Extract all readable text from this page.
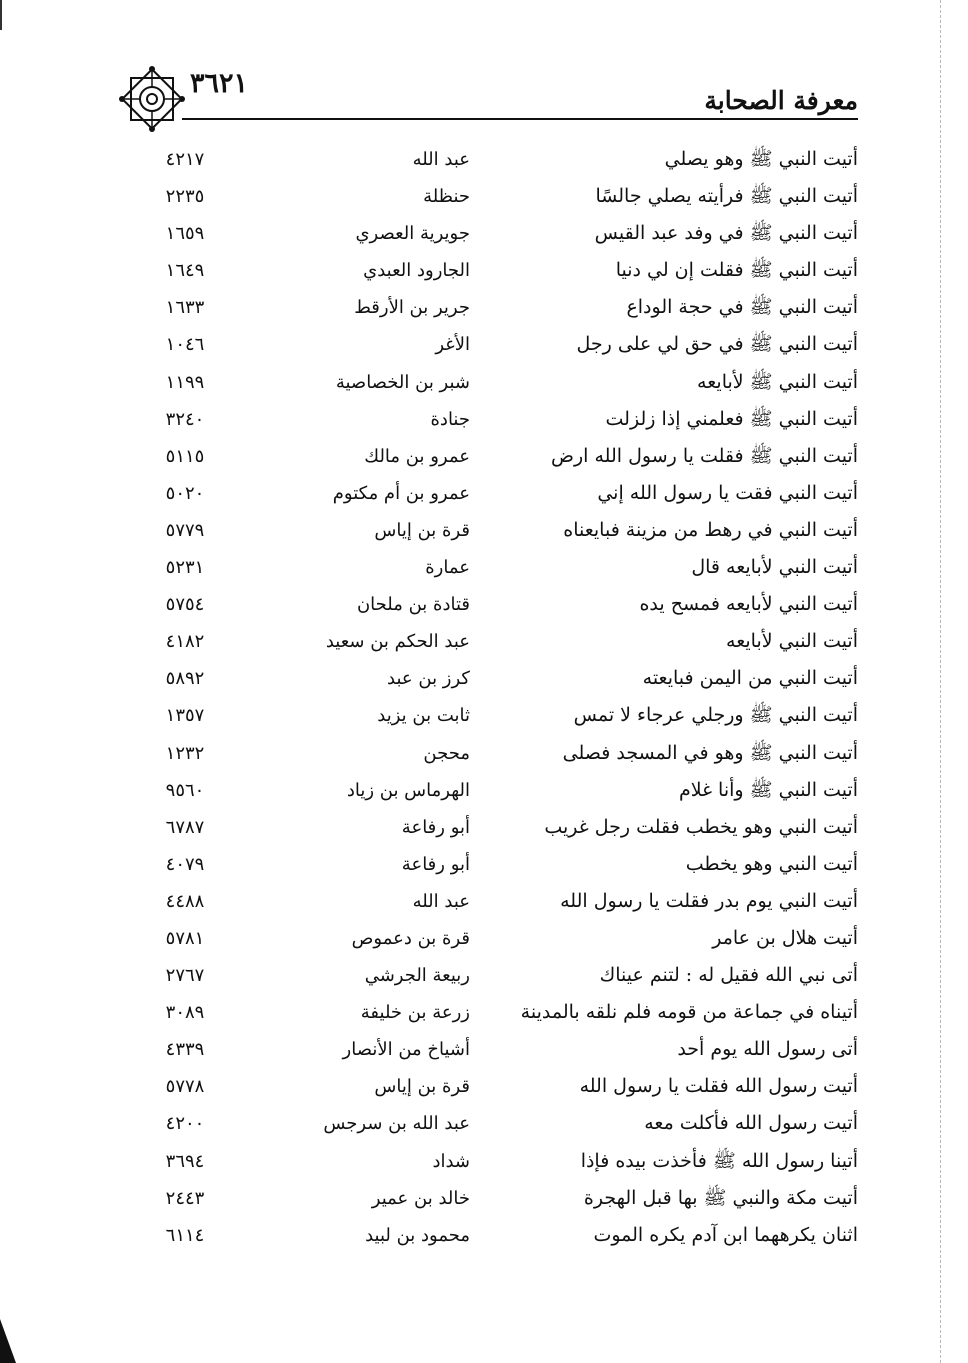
معرفة الصحابة
٣٦٢١
أتيت النبي ﷺ وهو يصلي
عبد الله
٤٢١٧
أتيت النبي ﷺ فرأيته يصلي جالسًا
حنظلة
٢٢٣٥
أتيت النبي ﷺ في وفد عبد القيس
جويرية العصري
١٦٥٩
أتيت النبي ﷺ فقلت إن لي دنيا
الجارود العبدي
١٦٤٩
أتيت النبي ﷺ في حجة الوداع
جرير بن الأرقط
١٦٣٣
أتيت النبي ﷺ في حق لي على رجل
الأغر
١٠٤٦
أتيت النبي ﷺ لأبايعه
شبر بن الخصاصية
١١٩٩
أتيت النبي ﷺ فعلمني إذا زلزلت
جنادة
٣٢٤٠
أتيت النبي ﷺ فقلت يا رسول الله ارض
عمرو بن مالك
٥١١٥
أتيت النبي فقت يا رسول الله إني
عمرو بن أم مكتوم
٥٠٢٠
أتيت النبي في رهط من مزينة فبايعناه
قرة بن إياس
٥٧٧٩
أتيت النبي لأبايعه قال
عمارة
٥٢٣١
أتيت النبي لأبايعه فمسح يده
قتادة بن ملحان
٥٧٥٤
أتيت النبي لأبايعه
عبد الحكم بن سعيد
٤١٨٢
أتيت النبي من اليمن فبايعته
كرز بن عبد
٥٨٩٢
أتيت النبي ﷺ ورجلي عرجاء لا تمس
ثابت بن يزيد
١٣٥٧
أتيت النبي ﷺ وهو في المسجد فصلى
محجن
١٢٣٢
أتيت النبي ﷺ وأنا غلام
الهرماس بن زياد
٩٥٦٠
أتيت النبي وهو يخطب فقلت رجل غريب
أبو رفاعة
٦٧٨٧
أتيت النبي وهو يخطب
أبو رفاعة
٤٠٧٩
أتيت النبي يوم بدر فقلت يا رسول الله
عبد الله
٤٤٨٨
أتيت هلال بن عامر
قرة بن دعموص
٥٧٨١
أتى نبي الله فقيل له : لتنم عيناك
ربيعة الجرشي
٢٧٦٧
أتيناه في جماعة من قومه فلم نلقه بالمدينة
زرعة بن خليفة
٣٠٨٩
أتى رسول الله يوم أحد
أشياخ من الأنصار
٤٣٣٩
أتيت رسول الله فقلت يا رسول الله
قرة بن إياس
٥٧٧٨
أتيت رسول الله فأكلت معه
عبد الله بن سرجس
٤٢٠٠
أتينا رسول الله ﷺ فأخذت بيده فإذا
شداد
٣٦٩٤
أتيت مكة والنبي ﷺ بها قبل الهجرة
خالد بن عمير
٢٤٤٣
اثنان يكرههما ابن آدم يكره الموت
محمود بن لبيد
٦١١٤
